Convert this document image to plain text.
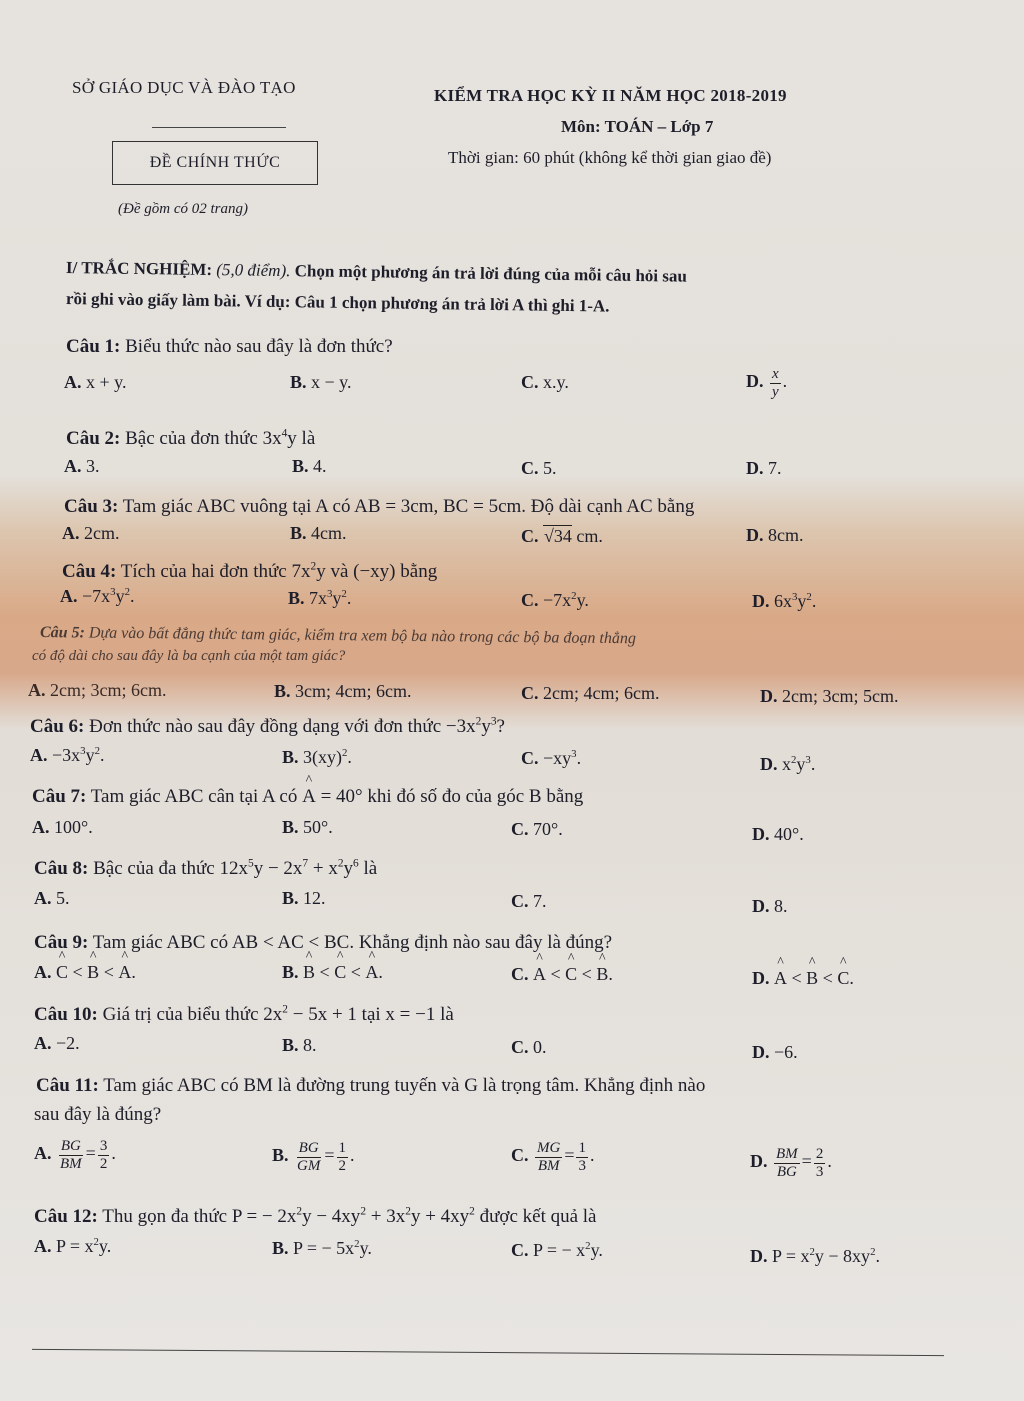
SỞ GIÁO DỤC VÀ ĐÀO TẠO
ĐỀ CHÍNH THỨC
(Đề gồm có 02 trang)
KIỂM TRA HỌC KỲ II NĂM HỌC 2018-2019
Môn: TOÁN – Lớp 7
Thời gian: 60 phút (không kể thời gian giao đề)
I/ TRẮC NGHIỆM: (5,0 điểm). Chọn một phương án trả lời đúng của mỗi câu hỏi sau
rồi ghi vào giấy làm bài. Ví dụ: Câu 1 chọn phương án trả lời A thì ghi 1-A.
Câu 1: Biểu thức nào sau đây là đơn thức?
A. x + y.	B. x − y.	C. x.y.	D. $\frac{x}{y}$ .
Câu 2: Bậc của đơn thức $3x^4y$ là
A. 3.	B. 4.	C. 5.	D. 7.
Câu 3: Tam giác ABC vuông tại A có AB = 3cm, BC = 5cm. Độ dài cạnh AC bằng
A. 2cm.	B. 4cm.	C. √34 cm.	D. 8cm.
Câu 4: Tích của hai đơn thức $7x^2y$ và (−xy) bằng
A. $-7x^3y^2$.	B. $7x^3y^2$.	C. $-7x^2y$.	D. $6x^3y^2$.
Câu 5: Dựa vào bất đẳng thức tam giác, kiểm tra xem bộ ba nào trong các bộ ba đoạn thẳng
có độ dài cho sau đây là ba cạnh của một tam giác?
A. 2cm; 3cm; 6cm.	B. 3cm; 4cm; 6cm.	C. 2cm; 4cm; 6cm.	D. 2cm; 3cm; 5cm.
Câu 6: Đơn thức nào sau đây đồng dạng với đơn thức $-3x^2y^3$?
A. $-3x^3y^2$.	B. 3(xy)$^2$.	C. $-xy^3$.	D. $x^2y^3$.
Câu 7: Tam giác ABC cân tại A có ^ A = 40° khi đó số đo của góc B bằng
A. 100°.	B. 50°.	C. 70°.	D. 40°.
Câu 8: Bậc của đa thức $12x^5y - 2x^7 + x^2y^6$ là
A. 5.	B. 12.	C. 7.	D. 8.
Câu 9: Tam giác ABC có AB < AC < BC. Khẳng định nào sau đây là đúng?
A. ^ C < ^ B < ^ A.	B. ^ B < ^ C < ^ A.	C. ^ A < ^ C < ^ B.	D. ^ A < ^ B < ^ C.
Câu 10: Giá trị của biểu thức $2x^2 - 5x + 1$ tại x = −1 là
A. −2.	B. 8.	C. 0.	D. −6.
Câu 11: Tam giác ABC có BM là đường trung tuyến và G là trọng tâm. Khẳng định nào
sau đây là đúng?
A. $\frac{BG}{BM} = \frac{3}{2}$ .	B. $\frac{BG}{GM} = \frac{1}{2}$ .	C. $\frac{MG}{BM} = \frac{1}{3}$ .	D. $\frac{BM}{BG} = \frac{2}{3}$ .
Câu 12: Thu gọn đa thức P = − $2x^2y - 4xy^2 + 3x^2y + 4xy^2$ được kết quả là
A. $P = x^2y$.	B. P = − $5x^2y$.	C. P = − $x^2y$.	D. $P = x^2y - 8xy^2$.
